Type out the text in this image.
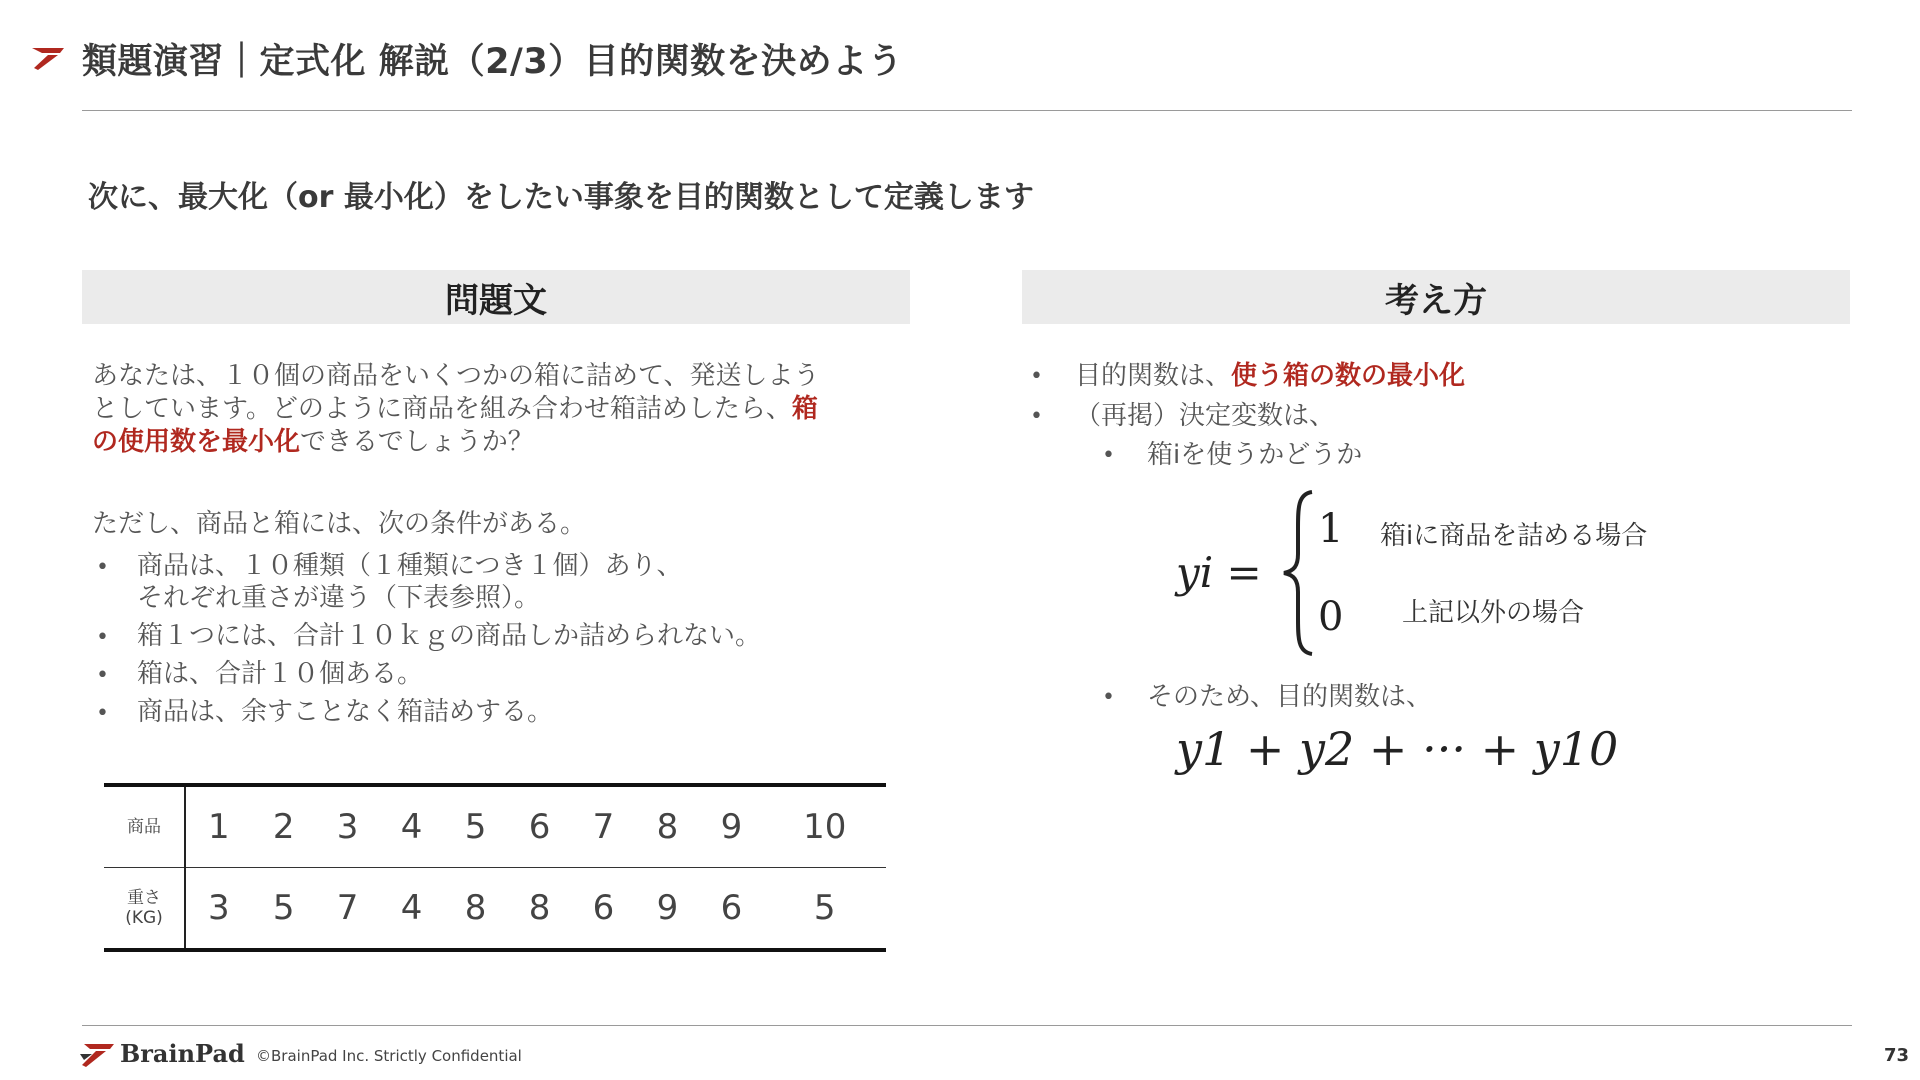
類題演習｜定式化 解説（2/3）目的関数を決めよう
次に、最大化（or 最小化）をしたい事象を目的関数として定義します
問題文
あなたは、１０個の商品をいくつかの箱に詰めて、発送しよう
としています。どのように商品を組み合わせ箱詰めしたら、箱
の使用数を最小化できるでしょうか？
ただし、商品と箱には、次の条件がある。
• 商品は、１０種類（１種類につき１個）あり、
それぞれ重さが違う（下表参照）。
• 箱１つには、合計１０ｋｇの商品しか詰められない。
• 箱は、合計１０個ある。
• 商品は、余すことなく箱詰めする。
商品	1	2	3	4	5	6	7	8	9	10
重さ
(KG)	3	5	7	4	8	8	6	9	6	5
考え方
• 目的関数は、使う箱の数の最小化
• （再掲）決定変数は、
• 箱iを使うかどうか
yi =
1 箱iに商品を詰める場合
0 上記以外の場合
• そのため、目的関数は、
y1 + y2 + ··· + y10
BrainPad ©BrainPad Inc. Strictly Confidential	73
